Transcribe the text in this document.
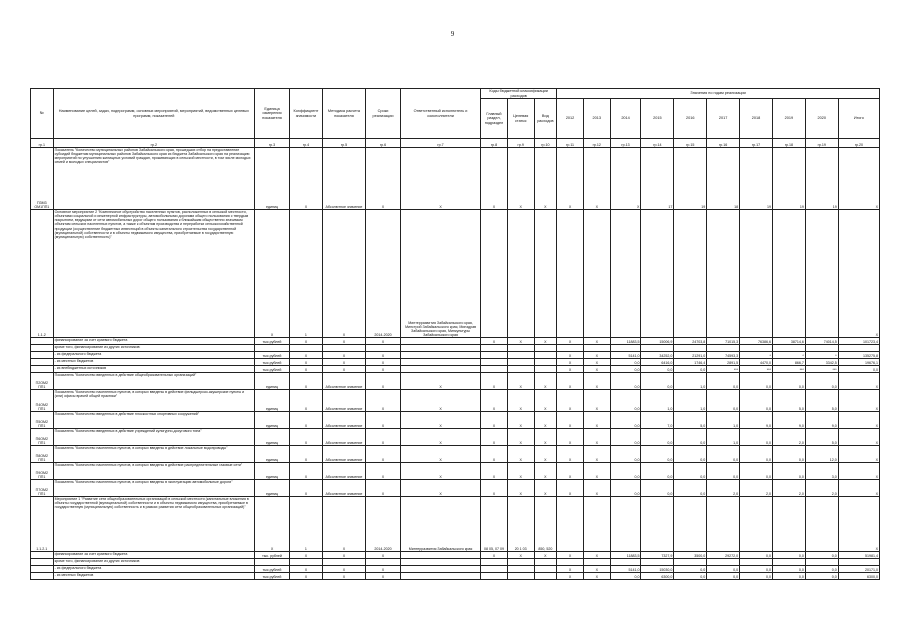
9
№	Наименование целей, задач, подпрограмм, основных мероприятий, мероприятий, ведомственных целевых программ, показателей	Единица измерения показателя	Коэффициент значимости	Методика расчета показателя	Сроки реализации	Ответственный исполнитель и соисполнители	Коды бюджетной классификации расходов			Значения по годам реализации									
							Главный раздел, подраздел	Целевая статья	Вид расходов	2012	2013	2014	2015	2016	2017	2018	2019	2020	Итого
гр.1	гр.2	гр.3	гр.4	гр.5	гр.6	гр.7	гр.8	гр.9	гр.10	гр.11	гр.12	гр.13	гр.14	гр.15	гр.16	гр.17	гр.18	гр.19	гр.20
П3М3 ОМ1ПП1	Показатель "Количество муниципальных районов Забайкальского края, прошедших отбор на предоставление субсидий бюджетам муниципальных районов Забайкальского края из бюджета Забайкальского края на реализацию мероприятий по улучшению жилищных условий граждан, проживающих в сельской местности, в том числе молодых семей и молодых специалистов"	единиц	Х	Абсолютное значение	Х	Х	Х	Х	Х	Х	Х	Х	17	19	18	19	19	19	Х
1.1.2	Основное мероприятие 2 "Комплексное обустройство населенных пунктов, расположенных в сельской местности, объектами социальной и инженерной инфраструктуры, автомобильными дорогами общего пользования с твердым покрытием, ведущими от сети автомобильных дорог общего пользования к ближайшим общественно значимым объектам сельских населенных пунктов, а также к объектам производства и переработки сельскохозяйственной продукции (осуществление бюджетных инвестиций в объекты капитального строительства государственной (муниципальной) собственности и в объекты недвижимого имущества, приобретаемые в государственную (муниципальную) собственность)"	Х	1	Х	2014-2020	Минтерразвития Забайкальского края, Минстрой Забайкальского края, Минздрав Забайкальского края, Минкультуры Забайкальского края													Х
	финансирование за счет краевого бюджета	тыс.рублей	Х	Х	Х		Х	Х	Х	Х	Х	11883,5	15006,9	24703,8	71015,3	76386,6	38714,6	74014,5	101723,4
	кроме того, финансирование из других источников:																		
	- из федерального бюджета	тыс.рублей	Х	Х	Х					Х	Х	5141,0	34252,0	21291,0	74593,3	*	*	*	135275,8
	- из местных бюджетов	тыс.рублей	Х	Х	Х					Х	Х	0,0	6416,0	1746,4	2891,5	4470,0	866,7	3342,5	19676,1
	- из внебюджетных источников	тыс.рублей	Х	Х	Х					Х	Х	0,0	0,0	0,0	***	***	***	***	0,0
П2ОМ2 ПП1	Показатель "Количество введенных в действие общеобразовательных организаций"	единиц	Х	Абсолютное значение	Х	Х	Х	Х	Х	Х	Х	0,0	0,0	1,0	0,0	0,0	0,0	0,0	Х
П4ОМ2 ПП1	Показатель "Количество населенных пунктов, в которых введены в действие фельдшерско-акушерские пункты и (или) офисы врачей общей практики"	единиц	Х	Абсолютное значение	Х	Х	Х	Х	Х	Х	Х	0,0	1,0	1,0	0,0	0,0	5,0	5,0	Х
П5ОМ2 ПП1	Показатель "Количество введенных в действие плоскостных спортивных сооружений"	единиц	Х	Абсолютное значение	Х	Х	Х	Х	Х	Х	Х	0,0	7,0	5,0	1,0	9,0	9,0	9,0	Х
П6ОМ2 ПП1	Показатель "Количество введенных в действие учреждений культурно-досугового типа"	единиц	Х	Абсолютное значение	Х	Х	Х	Х	Х	Х	Х	0,0	0,0	0,0	1,0	0,0	2,0	5,0	Х
П8ОМ2 ПП1	Показатель "Количество населенных пунктов, в которых введены в действие локальные водопроводы"	единиц	Х	Абсолютное значение	Х	Х	Х	Х	Х	Х	Х	0,0	0,0	0,0	0,0	0,0	0,0	12,0	Х
П9ОМ2 ПП1	Показатель "Количество населенных пунктов, в которых введены в действие распределительные газовые сети"	единиц	Х	Абсолютное значение	Х	Х	Х	Х	Х	Х	Х	0,0	0,0	0,0	0,0	0,0	0,0	3,0	Х
П7ОМ2 ПП1	Показатель "Количество населенных пунктов, в которых введены в эксплуатацию автомобильные дороги"	единиц	Х	Абсолютное значение	Х	Х	Х	Х	Х	Х	Х	0,0	0,0	0,0	2,0	2,0	2,0	2,0	Х
1.1.2.1	Мероприятие 1 "Развитие сети общеобразовательных организаций в сельской местности (капитальные вложения в объекты государственной (муниципальной) собственности и в объекты недвижимого имущества, приобретаемые в государственную (муниципальную) собственность и в рамках развития сети общеобразовательных организаций)"	Х	1	Х	2014-2020	Минтерразвития Забайкальского края	08 05, 07 09	20 1 03	850, 520										Х
	финансирование за счет краевого бюджета	тыс. рублей	Х	Х	Х		Х	Х	Х	Х	Х	11883,5	7327,9	3500,0	29272,0	0,0	0,0	0,0	51981,4
	кроме того, финансирование из других источников																		
	- из федерального бюджета	тыс.рублей	Х	Х	Х					Х	Х	5141,0	15030,0	0,0	0,0	0,0	0,0	0,0	20171,0
	- из местных бюджетов	тыс.рублей	Х	Х	Х					Х	Х	0,0	6300,0	0,0	0,0	0,0	0,0	0,0	6300,0
